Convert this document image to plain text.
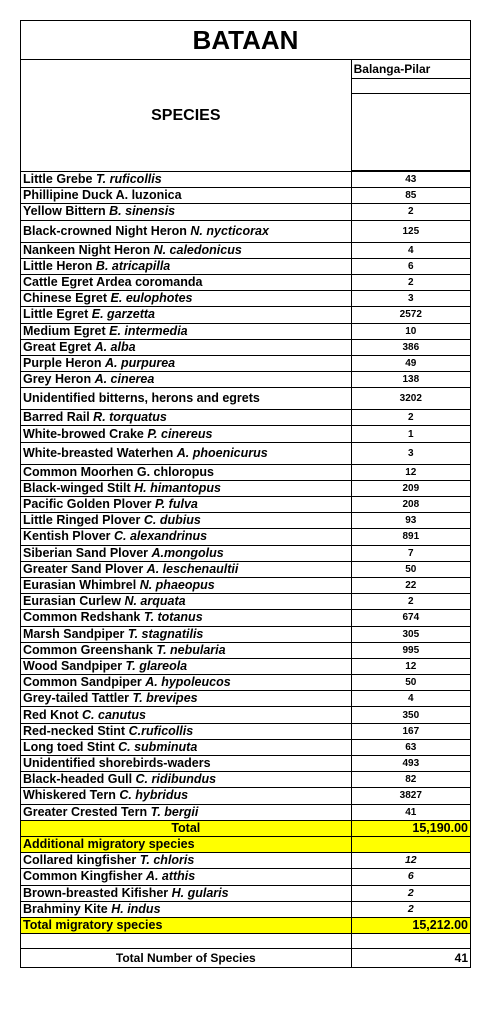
BATAAN	
SPECIES	Balanga-Pilar

Little Grebe T. ruficollis	43
Phillipine Duck A. luzonica	85
Yellow Bittern B. sinensis	2
Black-crowned Night Heron N. nycticorax	125
Nankeen Night Heron N. caledonicus	4
Little Heron B. atricapilla	6
Cattle Egret Ardea coromanda	2
Chinese Egret E. eulophotes	3
Little Egret E. garzetta	2572
Medium Egret E. intermedia	10
Great Egret A. alba	386
Purple Heron A. purpurea	49
Grey Heron A. cinerea	138
Unidentified bitterns, herons and egrets	3202
Barred Rail R. torquatus	2
White-browed Crake P. cinereus	1
White-breasted Waterhen A. phoenicurus	3
Common Moorhen G. chloropus	12
Black-winged Stilt H. himantopus	209
Pacific Golden Plover P. fulva	208
Little Ringed Plover C. dubius	93
Kentish Plover C. alexandrinus	891
Siberian Sand Plover A.mongolus	7
Greater Sand Plover A. leschenaultii	50
Eurasian Whimbrel N. phaeopus	22
Eurasian Curlew N. arquata	2
Common Redshank T. totanus	674
Marsh Sandpiper T. stagnatilis	305
Common Greenshank T. nebularia	995
Wood Sandpiper T. glareola	12
Common Sandpiper A. hypoleucos	50
Grey-tailed Tattler T. brevipes	4
Red Knot C. canutus	350
Red-necked Stint C.ruficollis	167
Long toed Stint C. subminuta	63
Unidentified shorebirds-waders	493
Black-headed Gull C. ridibundus	82
Whiskered Tern C. hybridus	3827
Greater Crested Tern T. bergii	41
Total	15,190.00
Additional migratory species	
Collared kingfisher T. chloris	12
Common Kingfisher A. atthis	6
Brown-breasted Kifisher H. gularis	2
Brahminy Kite H. indus	2
Total migratory species	15,212.00

Total Number of Species	41
